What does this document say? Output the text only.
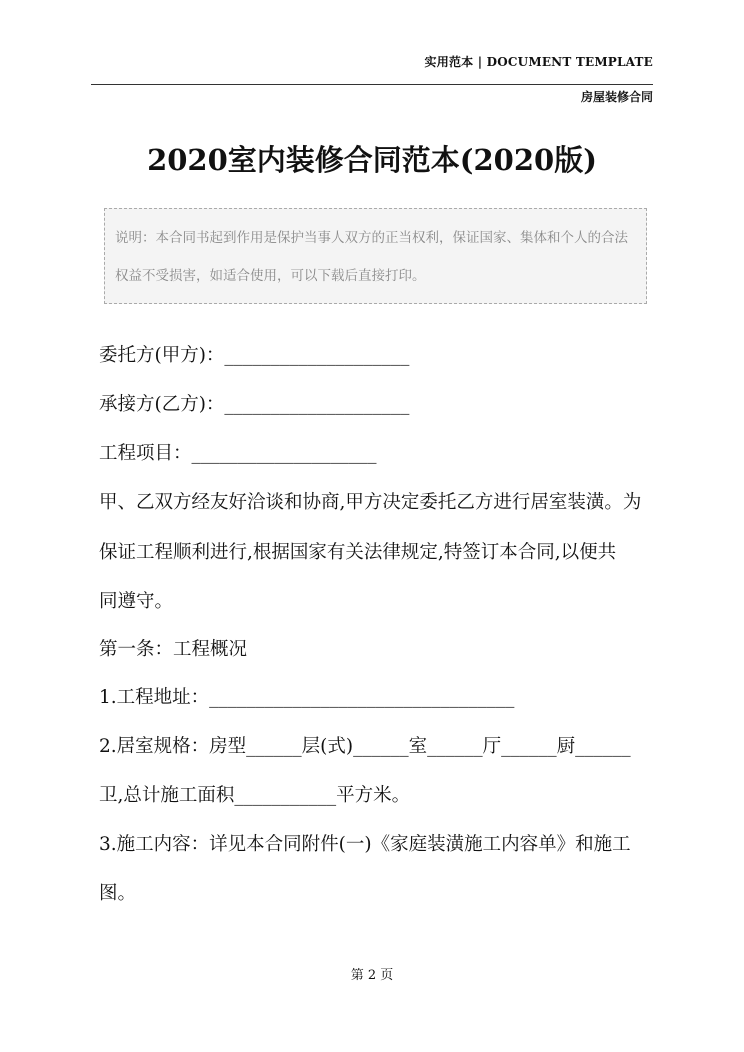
实用范本 | DOCUMENT TEMPLATE
房屋装修合同
2020室内装修合同范本(2020版)
说明：本合同书起到作用是保护当事人双方的正当权利，保证国家、集体和个人的合法权益不受损害，如适合使用，可以下载后直接打印。
委托方(甲方)：____________________
承接方(乙方)：____________________
工程项目：____________________
甲、乙双方经友好洽谈和协商,甲方决定委托乙方进行居室装潢。为
保证工程顺利进行,根据国家有关法律规定,特签订本合同,以便共
同遵守。
第一条：工程概况
1.工程地址：_________________________________
2.居室规格：房型______层(式)______室______厅______厨______
卫,总计施工面积___________平方米。
3.施工内容：详见本合同附件(一)《家庭装潢施工内容单》和施工
图。
第 2 页
